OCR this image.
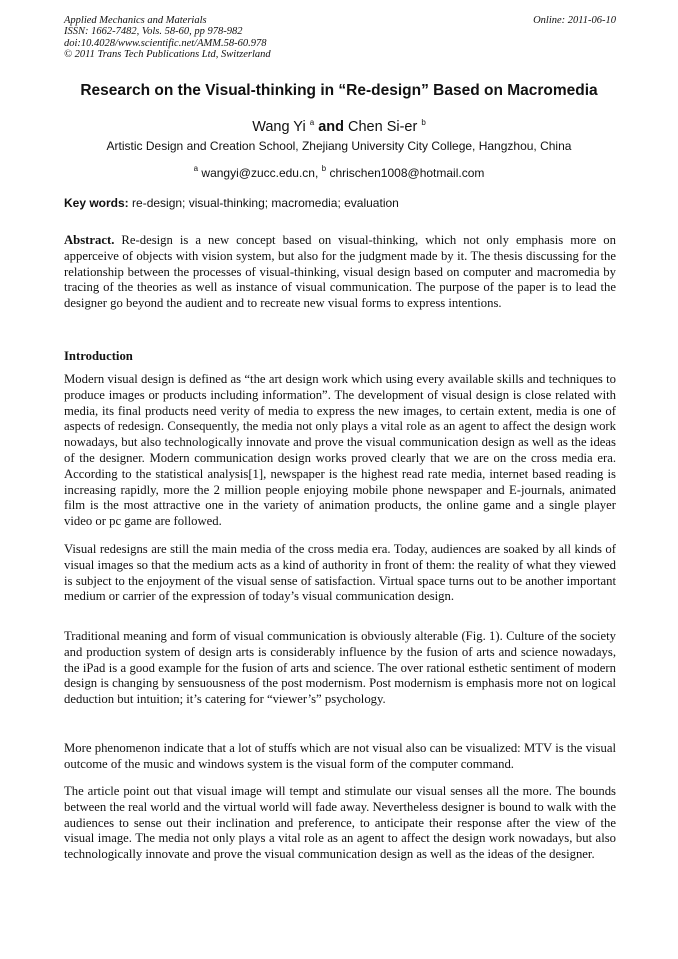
Applied Mechanics and Materials
ISSN: 1662-7482, Vols. 58-60, pp 978-982
doi:10.4028/www.scientific.net/AMM.58-60.978
© 2011 Trans Tech Publications Ltd, Switzerland
Online: 2011-06-10
Research on the Visual-thinking in “Re-design” Based on Macromedia
Wang Yi $^a$ and Chen Si-er $^b$
Artistic Design and Creation School, Zhejiang University City College, Hangzhou, China
$^a$ wangyi@zucc.edu.cn, $^b$ chrischen1008@hotmail.com
Key words: re-design; visual-thinking; macromedia; evaluation
Abstract. Re-design is a new concept based on visual-thinking, which not only emphasis more on apperceive of objects with vision system, but also for the judgment made by it. The thesis discussing for the relationship between the processes of visual-thinking, visual design based on computer and macromedia by tracing of the theories as well as instance of visual communication. The purpose of the paper is to lead the designer go beyond the audient and to recreate new visual forms to express intentions.
Introduction
Modern visual design is defined as “the art design work which using every available skills and techniques to produce images or products including information”. The development of visual design is close related with media, its final products need verity of media to express the new images, to certain extent, media is one of aspects of redesign. Consequently, the media not only plays a vital role as an agent to affect the design work nowadays, but also technologically innovate and prove the visual communication design as well as the ideas of the designer. Modern communication design works proved clearly that we are on the cross media era. According to the statistical analysis[1], newspaper is the highest read rate media, internet based reading is increasing rapidly, more the 2 million people enjoying mobile phone newspaper and E-journals, animated film is the most attractive one in the variety of animation products, the online game and a single player video or pc game are followed.
Visual redesigns are still the main media of the cross media era. Today, audiences are soaked by all kinds of visual images so that the medium acts as a kind of authority in front of them: the reality of what they viewed is subject to the enjoyment of the visual sense of satisfaction. Virtual space turns out to be another important medium or carrier of the expression of today’s visual communication design.
Traditional meaning and form of visual communication is obviously alterable (Fig. 1). Culture of the society and production system of design arts is considerably influence by the fusion of arts and science nowadays, the iPad is a good example for the fusion of arts and science. The over rational esthetic sentiment of modern design is changing by sensuousness of the post modernism. Post modernism is emphasis more not on logical deduction but intuition; it’s catering for “viewer’s” psychology.
More phenomenon indicate that a lot of stuffs which are not visual also can be visualized: MTV is the visual outcome of the music and windows system is the visual form of the computer command.
The article point out that visual image will tempt and stimulate our visual senses all the more. The bounds between the real world and the virtual world will fade away. Nevertheless designer is bound to walk with the audiences to sense out their inclination and preference, to anticipate their response after the view of the visual image. The media not only plays a vital role as an agent to affect the design work nowadays, but also technologically innovate and prove the visual communication design as well as the ideas of the designer.
